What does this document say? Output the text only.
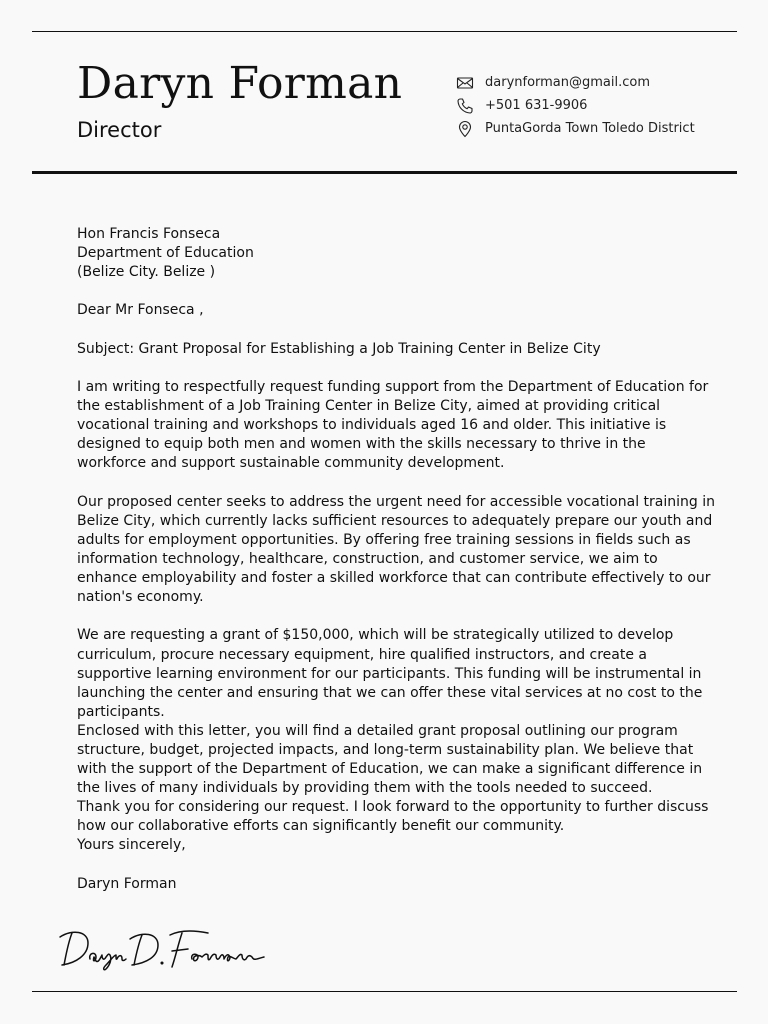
Daryn Forman
Director
darynforman@gmail.com
+501 631-9906
PuntaGorda Town Toledo District

Hon Francis Fonseca

Department of Education

(Belize City. Belize )

Dear Mr Fonseca ,

Subject: Grant Proposal for Establishing a Job Training Center in Belize City

I am writing to respectfully request funding support from the Department of Education for the establishment of a Job Training Center in Belize City, aimed at providing critical vocational training and workshops to individuals aged 16 and older. This initiative is designed to equip both men and women with the skills necessary to thrive in the workforce and support sustainable community development.

Our proposed center seeks to address the urgent need for accessible vocational training in Belize City, which currently lacks sufficient resources to adequately prepare our youth and adults for employment opportunities. By offering free training sessions in fields such as information technology, healthcare, construction, and customer service, we aim to enhance employability and foster a skilled workforce that can contribute effectively to our nation's economy.

We are requesting a grant of $150,000, which will be strategically utilized to develop curriculum, procure necessary equipment, hire qualified instructors, and create a supportive learning environment for our participants. This funding will be instrumental in launching the center and ensuring that we can offer these vital services at no cost to the participants.

Enclosed with this letter, you will find a detailed grant proposal outlining our program structure, budget, projected impacts, and long-term sustainability plan. We believe that with the support of the Department of Education, we can make a significant difference in the lives of many individuals by providing them with the tools needed to succeed.

Thank you for considering our request. I look forward to the opportunity to further discuss how our collaborative efforts can significantly benefit our community.

Yours sincerely,

Daryn Forman
